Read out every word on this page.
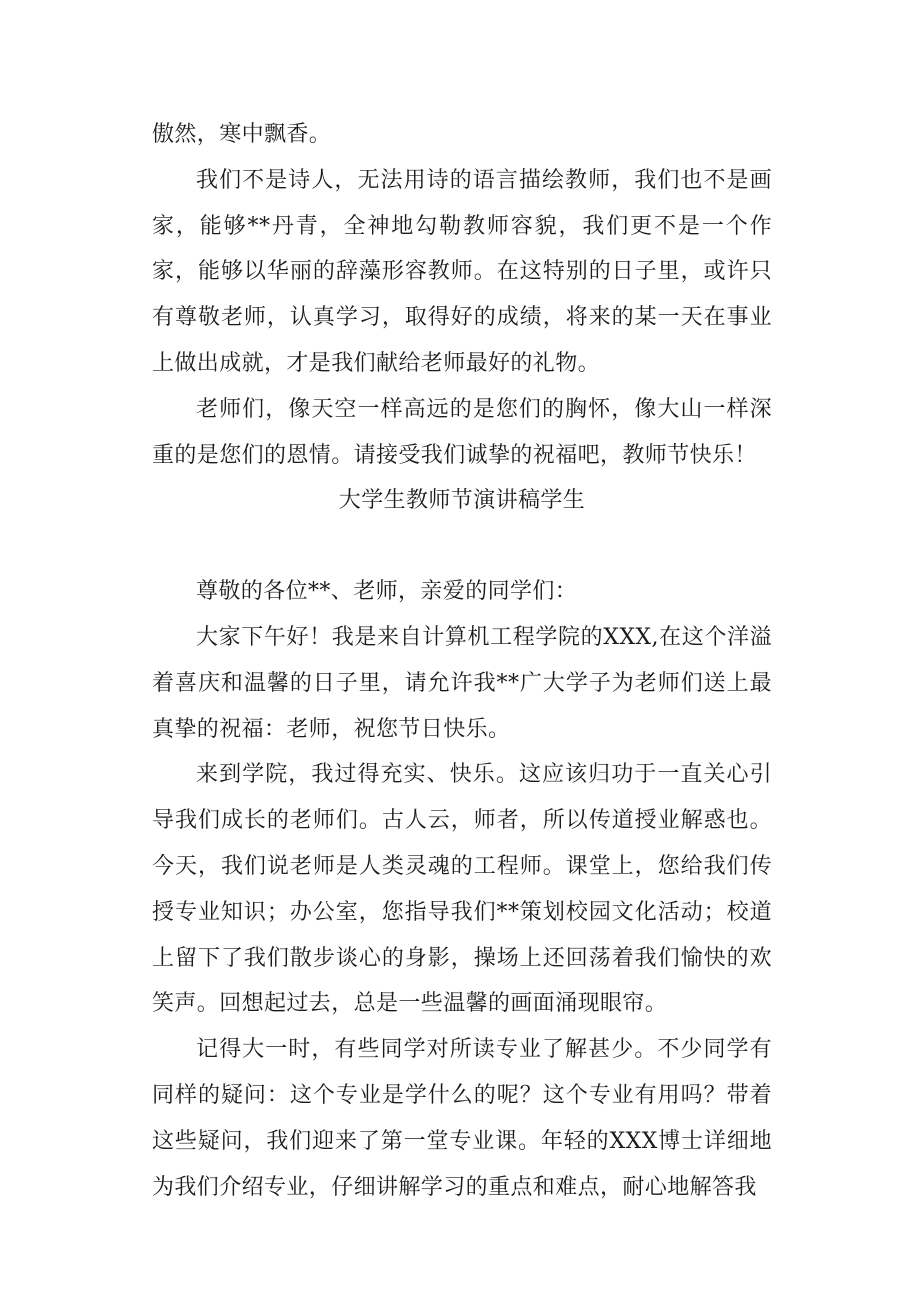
傲然，寒中飘香。

我们不是诗人，无法用诗的语言描绘教师，我们也不是画家，能够**丹青，全神地勾勒教师容貌，我们更不是一个作家，能够以华丽的辞藻形容教师。在这特别的日子里，或许只有尊敬老师，认真学习，取得好的成绩，将来的某一天在事业上做出成就，才是我们献给老师最好的礼物。

老师们，像天空一样高远的是您们的胸怀，像大山一样深重的是您们的恩情。请接受我们诚挚的祝福吧，教师节快乐！

大学生教师节演讲稿学生

尊敬的各位**、老师，亲爱的同学们：

大家下午好！我是来自计算机工程学院的XXX,在这个洋溢着喜庆和温馨的日子里，请允许我**广大学子为老师们送上最真挚的祝福：老师，祝您节日快乐。

来到学院，我过得充实、快乐。这应该归功于一直关心引导我们成长的老师们。古人云，师者，所以传道授业解惑也。今天，我们说老师是人类灵魂的工程师。课堂上，您给我们传授专业知识；办公室，您指导我们**策划校园文化活动；校道上留下了我们散步谈心的身影，操场上还回荡着我们愉快的欢笑声。回想起过去，总是一些温馨的画面涌现眼帘。

记得大一时，有些同学对所读专业了解甚少。不少同学有同样的疑问：这个专业是学什么的呢？这个专业有用吗？带着这些疑问，我们迎来了第一堂专业课。年轻的XXX博士详细地为我们介绍专业，仔细讲解学习的重点和难点，耐心地解答我
